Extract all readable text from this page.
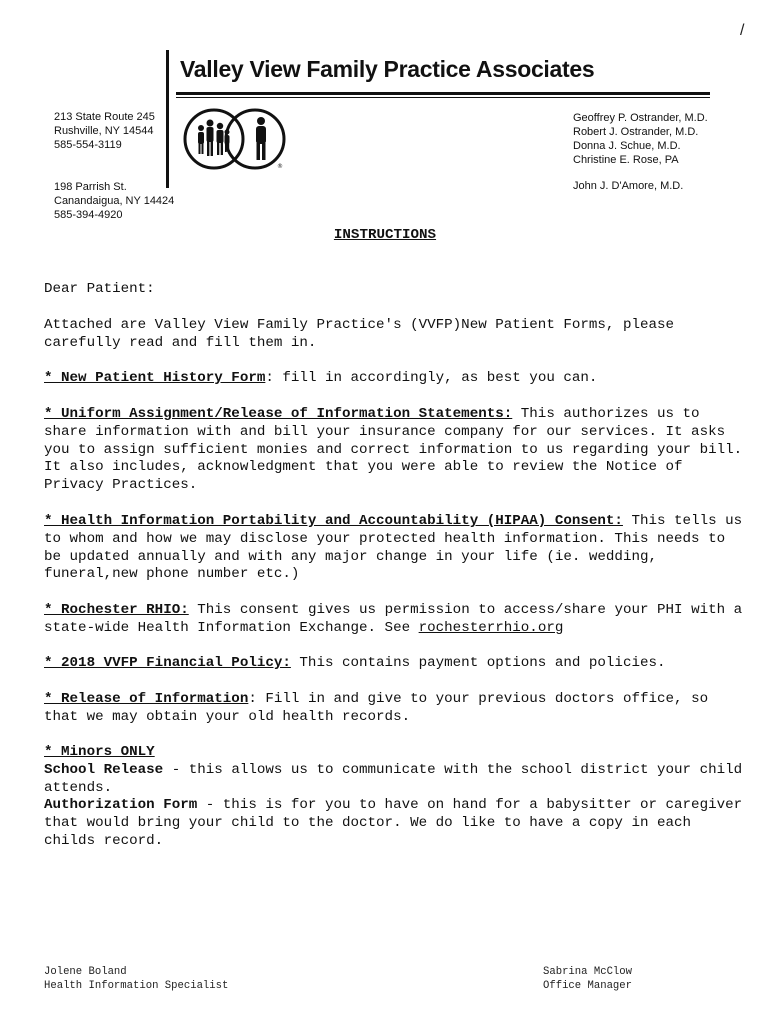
/
Valley View Family Practice Associates
213 State Route 245
Rushville, NY 14544
585-554-3119
198 Parrish St.
Canandaigua, NY 14424
585-394-4920
®
Geoffrey P. Ostrander, M.D.
Robert J. Ostrander, M.D.
Donna J. Schue, M.D.
Christine E. Rose, PA
John J. D'Amore, M.D.
INSTRUCTIONS

Dear Patient:

Attached are Valley View Family Practice's (VVFP)New Patient Forms, please carefully read and fill them in.

* New Patient History Form: fill in accordingly, as best you can.

* Uniform Assignment/Release of Information Statements: This authorizes us to share information with and bill your insurance company for our services. It asks you to assign sufficient monies and correct information to us regarding your bill. It also includes, acknowledgment that you were able to review the Notice of Privacy Practices.

* Health Information Portability and Accountability (HIPAA) Consent: This tells us to whom and how we may disclose your protected health information. This needs to be updated annually and with any major change in your life (ie. wedding, funeral,new phone number etc.)

* Rochester RHIO: This consent gives us permission to access/share your PHI with a state-wide Health Information Exchange. See rochesterrhio.org

* 2018 VVFP Financial Policy: This contains payment options and policies.

* Release of Information: Fill in and give to your previous doctors office, so that we may obtain your old health records.

* Minors ONLY
School Release - this allows us to communicate with the school district your child attends.
Authorization Form - this is for you to have on hand for a babysitter or caregiver that would bring your child to the doctor. We do like to have a copy in each childs record.
Jolene Boland
Health Information Specialist
Sabrina McClow
Office Manager
